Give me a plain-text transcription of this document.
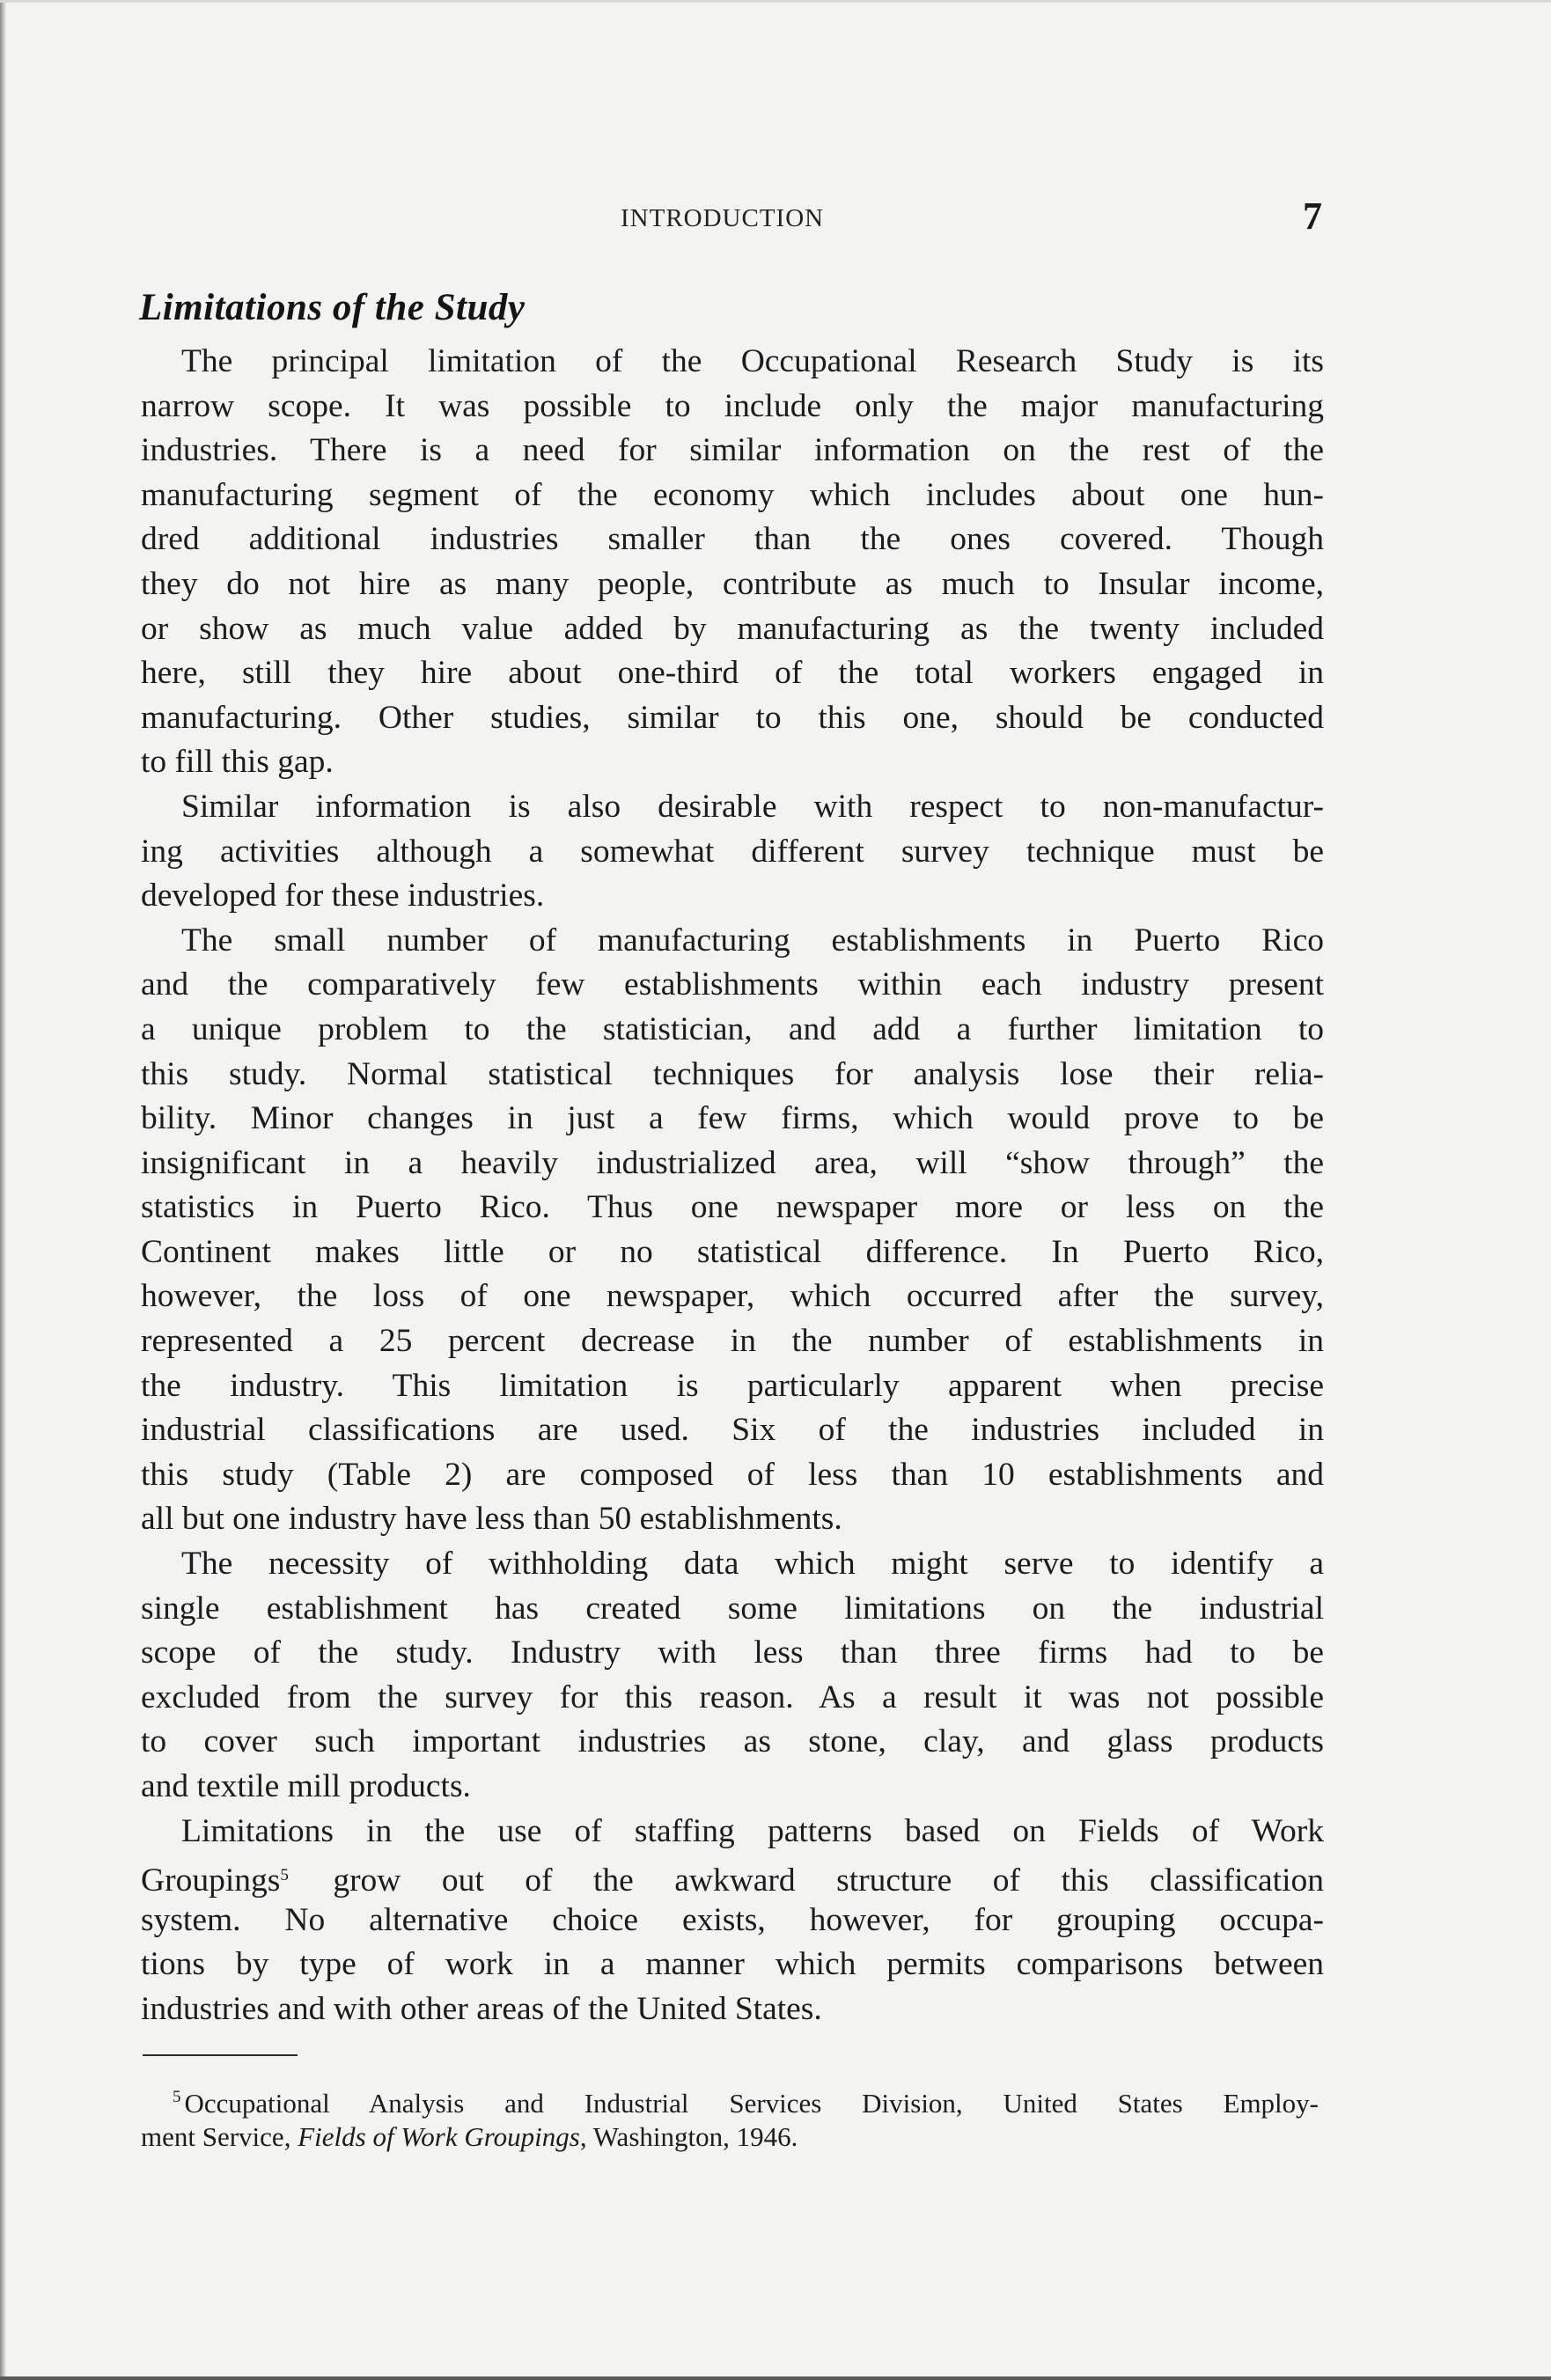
INTRODUCTION	7
Limitations of the Study
The principal limitation of the Occupational Research Study is its
narrow scope. It was possible to include only the major manufacturing
industries. There is a need for similar information on the rest of the
manufacturing segment of the economy which includes about one hun-
dred additional industries smaller than the ones covered. Though
they do not hire as many people, contribute as much to Insular income,
or show as much value added by manufacturing as the twenty included
here, still they hire about one-third of the total workers engaged in
manufacturing. Other studies, similar to this one, should be conducted
to fill this gap.
Similar information is also desirable with respect to non-manufactur-
ing activities although a somewhat different survey technique must be
developed for these industries.
The small number of manufacturing establishments in Puerto Rico
and the comparatively few establishments within each industry present
a unique problem to the statistician, and add a further limitation to
this study. Normal statistical techniques for analysis lose their relia-
bility. Minor changes in just a few firms, which would prove to be
insignificant in a heavily industrialized area, will “show through” the
statistics in Puerto Rico. Thus one newspaper more or less on the
Continent makes little or no statistical difference. In Puerto Rico,
however, the loss of one newspaper, which occurred after the survey,
represented a 25 percent decrease in the number of establishments in
the industry. This limitation is particularly apparent when precise
industrial classifications are used. Six of the industries included in
this study (Table 2) are composed of less than 10 establishments and
all but one industry have less than 50 establishments.
The necessity of withholding data which might serve to identify a
single establishment has created some limitations on the industrial
scope of the study. Industry with less than three firms had to be
excluded from the survey for this reason. As a result it was not possible
to cover such important industries as stone, clay, and glass products
and textile mill products.
Limitations in the use of staffing patterns based on Fields of Work
Groupings$^5$ grow out of the awkward structure of this classification
system. No alternative choice exists, however, for grouping occupa-
tions by type of work in a manner which permits comparisons between
industries and with other areas of the United States.
$^5$ Occupational Analysis and Industrial Services Division, United States Employ-
ment Service, Fields of Work Groupings, Washington, 1946.
